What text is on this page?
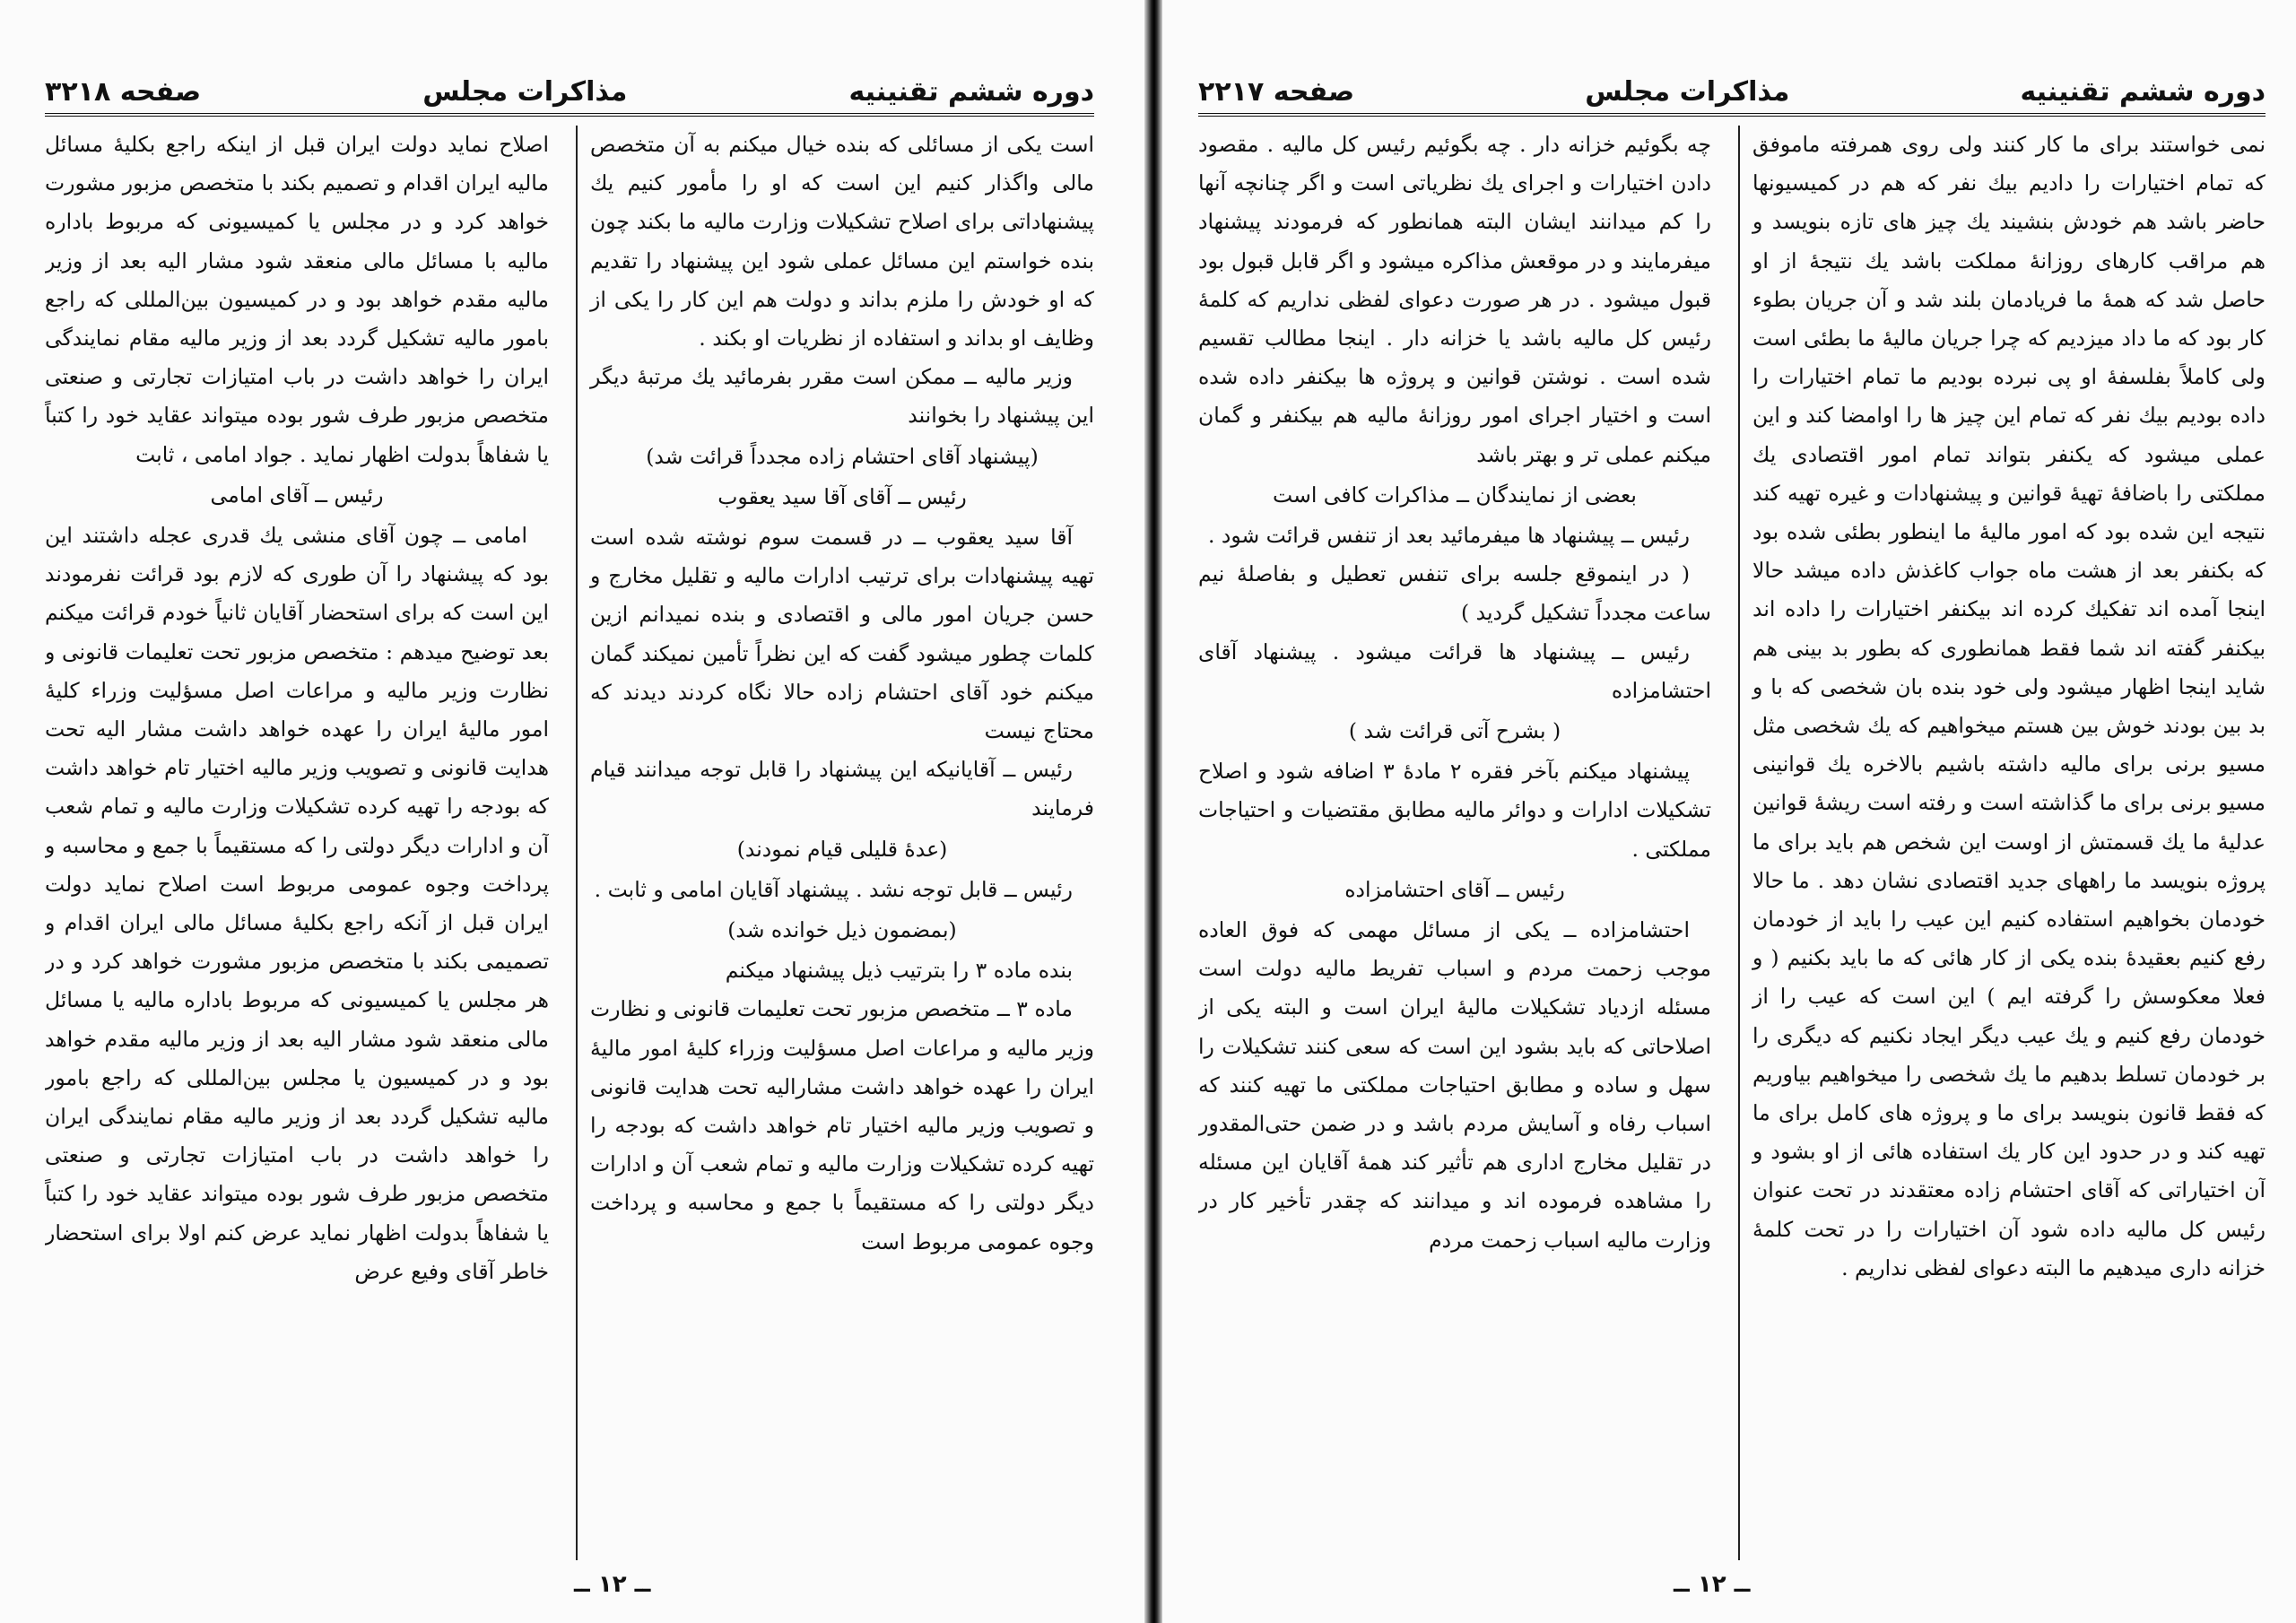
دوره ششم تقنینیه
مذاکرات مجلس
صفحه ۳۲۱۸

است یکی از مسائلی که بنده خیال میکنم به آن متخصص مالی واگذار کنیم این است که او را مأمور کنیم یك پیشنهاداتی برای اصلاح تشکیلات وزارت مالیه ما بکند چون بنده خواستم این مسائل عملی شود این پیشنهاد را تقدیم که او خودش را ملزم بداند و دولت هم این کار را یکی از وظایف او بداند و استفاده از نظریات او بکند .

وزیر مالیه ــ ممکن است مقرر بفرمائید یك مرتبهٔ دیگر این پیشنهاد را بخوانند

(پیشنهاد آقای احتشام زاده مجدداً قرائت شد)

رئیس ــ آقای آقا سید یعقوب

آقا سید یعقوب ــ در قسمت سوم نوشته شده است تهیه پیشنهادات برای ترتیب ادارات مالیه و تقلیل مخارج و حسن جریان امور مالی و اقتصادی و بنده نمیدانم ازین کلمات چطور میشود گفت که این نظراً تأمین نمیکند گمان میکنم خود آقای احتشام زاده حالا نگاه کردند دیدند که محتاج نیست

رئیس ــ آقایانیکه این پیشنهاد را قابل توجه میدانند قیام فرمایند

(عدهٔ قلیلی قیام نمودند)

رئیس ــ قابل توجه نشد . پیشنهاد آقایان امامی و ثابت .

(بمضمون ذیل خوانده شد)

بنده ماده ۳ را بترتیب ذیل پیشنهاد میکنم

ماده ۳ ــ متخصص مزبور تحت تعلیمات قانونی و نظارت وزیر مالیه و مراعات اصل مسؤلیت وزراء کلیهٔ امور مالیهٔ ایران را عهده خواهد داشت مشارالیه تحت هدایت قانونی و تصویب وزیر مالیه اختیار تام خواهد داشت که بودجه را تهیه کرده تشکیلات وزارت مالیه و تمام شعب آن و ادارات دیگر دولتی را که مستقیماً با جمع و محاسبه و پرداخت وجوه عمومی مربوط است

اصلاح نماید دولت ایران قبل از اینکه راجع بکلیهٔ مسائل مالیه ایران اقدام و تصمیم بکند با متخصص مزبور مشورت خواهد کرد و در مجلس یا کمیسیونی که مربوط باداره مالیه با مسائل مالی منعقد شود مشار الیه بعد از وزیر مالیه مقدم خواهد بود و در کمیسیون بین‌المللی که راجع بامور مالیه تشکیل گردد بعد از وزیر مالیه مقام نمایندگی ایران را خواهد داشت در باب امتیازات تجارتی و صنعتی متخصص مزبور طرف شور بوده میتواند عقاید خود را کتباً یا شفاهاً بدولت اظهار نماید . جواد امامی ، ثابت

رئیس ــ آقای امامی

امامی ــ چون آقای منشی یك قدری عجله داشتند این بود که پیشنهاد را آن طوری که لازم بود قرائت نفرمودند این است که برای استحضار آقایان ثانیاً خودم قرائت میکنم بعد توضیح میدهم : متخصص مزبور تحت تعلیمات قانونی و نظارت وزیر مالیه و مراعات اصل مسؤلیت وزراء کلیهٔ امور مالیهٔ ایران را عهده خواهد داشت مشار الیه تحت هدایت قانونی و تصویب وزیر مالیه اختیار تام خواهد داشت که بودجه را تهیه کرده تشکیلات وزارت مالیه و تمام شعب آن و ادارات دیگر دولتی را که مستقیماً با جمع و محاسبه و پرداخت وجوه عمومی مربوط است اصلاح نماید دولت ایران قبل از آنکه راجع بکلیهٔ مسائل مالی ایران اقدام و تصمیمی بکند با متخصص مزبور مشورت خواهد کرد و در هر مجلس یا کمیسیونی که مربوط باداره مالیه یا مسائل مالی منعقد شود مشار الیه بعد از وزیر مالیه مقدم خواهد بود و در کمیسیون یا مجلس بین‌المللی که راجع بامور مالیه تشکیل گردد بعد از وزیر مالیه مقام نمایندگی ایران را خواهد داشت در باب امتیازات تجارتی و صنعتی متخصص مزبور طرف شور بوده میتواند عقاید خود را کتباً یا شفاهاً بدولت اظهار نماید عرض کنم اولا برای استحضار خاطر آقای وفیع عرض

ــ ۱۲ ــ
دوره ششم تقنینیه
مذاکرات مجلس
صفحه ۲۲۱۷

نمی خواستند برای ما کار کنند ولی روی همرفته ماموفق که تمام اختیارات را دادیم بیك نفر که هم در کمیسیونها حاضر باشد هم خودش بنشیند یك چیز های تازه بنویسد و هم مراقب کارهای روزانهٔ مملکت باشد یك نتیجهٔ از او حاصل شد که همهٔ ما فریادمان بلند شد و آن جریان بطوء کار بود که ما داد میزدیم که چرا جریان مالیهٔ ما بطئی است ولی کاملاً بفلسفهٔ او پی نبرده بودیم ما تمام اختیارات را داده بودیم بیك نفر که تمام این چیز ها را اوامضا کند و این عملی میشود که یکنفر بتواند تمام امور اقتصادی یك مملکتی را باضافهٔ تهیهٔ قوانین و پیشنهادات و غیره تهیه کند نتیجه این شده بود که امور مالیهٔ ما اینطور بطئی شده بود که بکنفر بعد از هشت ماه جواب کاغذش داده میشد حالا اینجا آمده اند تفکیك کرده اند بیکنفر اختیارات را داده اند بیکنفر گفته اند شما فقط همانطوری که بطور بد بینی هم شاید اینجا اظهار میشود ولی خود بنده بان شخصی که با و بد بین بودند خوش بین هستم میخواهیم که یك شخصی مثل مسیو برنی برای مالیه داشته باشیم بالاخره یك قوانینی مسیو برنی برای ما گذاشته است و رفته است ریشهٔ قوانین عدلیهٔ ما یك قسمتش از اوست این شخص هم باید برای ما پروژه بنویسد ما راههای جدید اقتصادی نشان دهد . ما حالا خودمان بخواهیم استفاده کنیم این عیب را باید از خودمان رفع کنیم بعقیدهٔ بنده یکی از کار هائی که ما باید بکنیم ( و فعلا معکوسش را گرفته ایم ) این است که عیب را از خودمان رفع کنیم و یك عیب دیگر ایجاد نکنیم که دیگری را بر خودمان تسلط بدهیم ما یك شخصی را میخواهیم بیاوریم که فقط قانون بنویسد برای ما و پروژه های کامل برای ما تهیه کند و در حدود این کار یك استفاده هائی از او بشود و آن اختیاراتی که آقای احتشام زاده معتقدند در تحت عنوان رئیس کل مالیه داده شود آن اختیارات را در تحت کلمهٔ خزانه داری میدهیم ما البته دعوای لفظی نداریم .

چه بگوئیم خزانه دار . چه بگوئیم رئیس کل مالیه . مقصود دادن اختیارات و اجرای یك نظریاتی است و اگر چنانچه آنها را کم میدانند ایشان البته همانطور که فرمودند پیشنهاد میفرمایند و در موقعش مذاکره میشود و اگر قابل قبول بود قبول میشود . در هر صورت دعوای لفظی نداریم که کلمهٔ رئیس کل مالیه باشد یا خزانه دار . اینجا مطالب تقسیم شده است . نوشتن قوانین و پروژه ها بیکنفر داده شده است و اختیار اجرای امور روزانهٔ مالیه هم بیکنفر و گمان میکنم عملی تر و بهتر باشد

بعضی از نمایندگان ــ مذاکرات کافی است

رئیس ــ پیشنهاد ها میفرمائید بعد از تنفس قرائت شود .

( در اینموقع جلسه برای تنفس تعطیل و بفاصلهٔ نیم ساعت مجدداً تشکیل گردید )

رئیس ــ پیشنهاد ها قرائت میشود . پیشنهاد آقای احتشامزاده

( بشرح آتی قرائت شد )

پیشنهاد میکنم بآخر فقره ۲ مادهٔ ۳ اضافه شود و اصلاح تشکیلات ادارات و دوائر مالیه مطابق مقتضیات و احتیاجات مملکتی .

رئیس ــ آقای احتشامزاده

احتشامزاده ــ یکی از مسائل مهمی که فوق العاده موجب زحمت مردم و اسباب تفریط مالیه دولت است مسئله ازدیاد تشکیلات مالیهٔ ایران است و البته یکی از اصلاحاتی که باید بشود این است که سعی کنند تشکیلات را سهل و ساده و مطابق احتیاجات مملکتی ما تهیه کنند که اسباب رفاه و آسایش مردم باشد و در ضمن حتی‌المقدور در تقلیل مخارج اداری هم تأثیر کند همهٔ آقایان این مسئله را مشاهده فرموده اند و میدانند که چقدر تأخیر کار در وزارت مالیه اسباب زحمت مردم

ــ ۱۲ ــ
